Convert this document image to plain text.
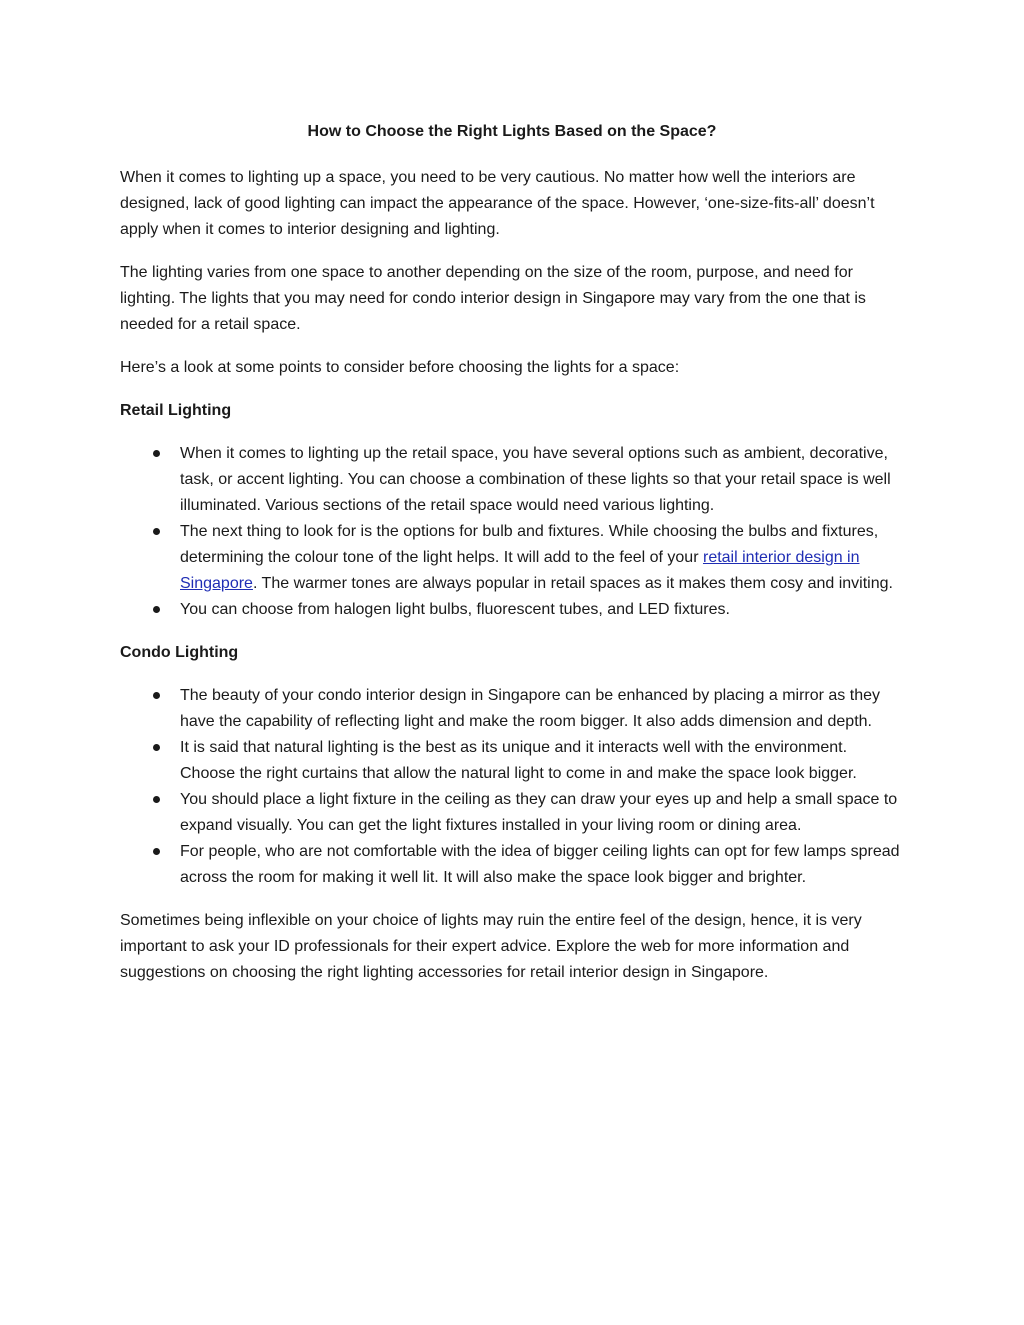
How to Choose the Right Lights Based on the Space?

When it comes to lighting up a space, you need to be very cautious. No matter how well the interiors are designed, lack of good lighting can impact the appearance of the space. However, ‘one-size-fits-all’ doesn’t apply when it comes to interior designing and lighting.

The lighting varies from one space to another depending on the size of the room, purpose, and need for lighting. The lights that you may need for condo interior design in Singapore may vary from the one that is needed for a retail space.

Here’s a look at some points to consider before choosing the lights for a space:

Retail Lighting
When it comes to lighting up the retail space, you have several options such as ambient, decorative, task, or accent lighting. You can choose a combination of these lights so that your retail space is well illuminated. Various sections of the retail space would need various lighting.
The next thing to look for is the options for bulb and fixtures. While choosing the bulbs and fixtures, determining the colour tone of the light helps. It will add to the feel of your retail interior design in Singapore. The warmer tones are always popular in retail spaces as it makes them cosy and inviting.
You can choose from halogen light bulbs, fluorescent tubes, and LED fixtures.
Condo Lighting
The beauty of your condo interior design in Singapore can be enhanced by placing a mirror as they have the capability of reflecting light and make the room bigger. It also adds dimension and depth.
It is said that natural lighting is the best as its unique and it interacts well with the environment. Choose the right curtains that allow the natural light to come in and make the space look bigger.
You should place a light fixture in the ceiling as they can draw your eyes up and help a small space to expand visually. You can get the light fixtures installed in your living room or dining area.
For people, who are not comfortable with the idea of bigger ceiling lights can opt for few lamps spread across the room for making it well lit. It will also make the space look bigger and brighter.

Sometimes being inflexible on your choice of lights may ruin the entire feel of the design, hence, it is very important to ask your ID professionals for their expert advice. Explore the web for more information and suggestions on choosing the right lighting accessories for retail interior design in Singapore.
